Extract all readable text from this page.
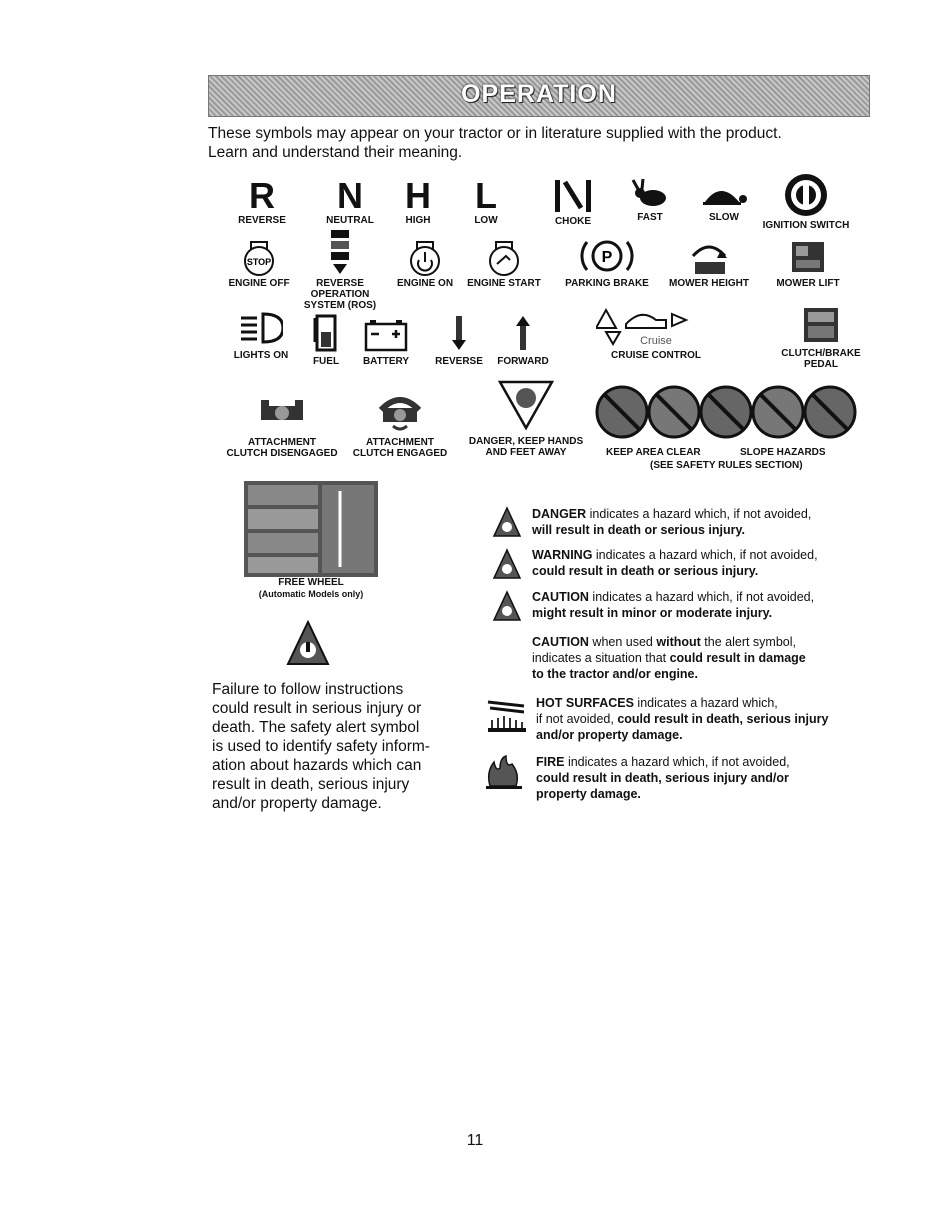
OPERATION
These symbols may appear on your tractor or in literature supplied with the product.
Learn and understand their meaning.
R
REVERSE
N
NEUTRAL
H
HIGH
L
LOW	CHOKE	FAST	SLOW
IGNITION SWITCH
STOP
ENGINE OFF	REVERSE
OPERATION
SYSTEM (ROS)
ENGINE ON	ENGINE START
P
PARKING BRAKE	MOWER HEIGHT	MOWER LIFT
LIGHTS ON
FUEL	BATTERY	REVERSE	FORWARD
Cruise
CRUISE CONTROL	CLUTCH/BRAKE
PEDAL
ATTACHMENT
CLUTCH DISENGAGED
ATTACHMENT
CLUTCH ENGAGED
DANGER, KEEP HANDS
AND FEET AWAY	KEEP AREA CLEAR	SLOPE HAZARDS
(SEE SAFETY RULES SECTION)
FREE WHEEL
(Automatic Models only)
Failure to follow instructions could result in serious injury or death. The safety alert symbol is used to identify safety inform- ation about hazards which can result in death, serious injury and/or property damage.
DANGER indicates a hazard which, if not avoided,
will result in death or serious injury.
WARNING indicates a hazard which, if not avoided,
could result in death or serious injury.
CAUTION indicates a hazard which, if not avoided,
might result in minor or moderate injury.
CAUTION when used without the alert symbol,
indicates a situation that could result in damage
to the tractor and/or engine.
HOT SURFACES indicates a hazard which,
if not avoided, could result in death, serious injury
and/or property damage.
FIRE indicates a hazard which, if not avoided,
could result in death, serious injury and/or
property damage.
11
